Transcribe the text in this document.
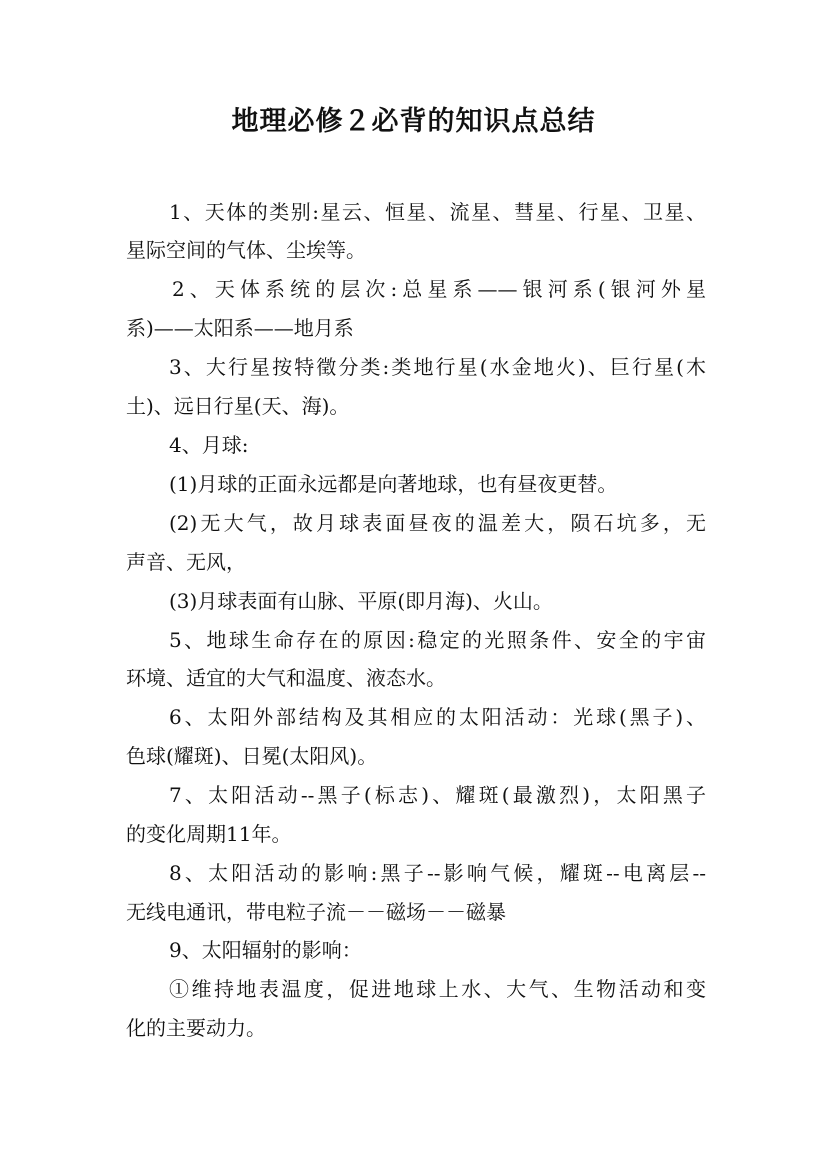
地理必修２必背的知识点总结

1、天体的类别:星云、恒星、流星、彗星、行星、卫星、

星际空间的气体、尘埃等。

2、天体系统的层次:总星系——银河系(银河外星

系)——太阳系——地月系

3、大行星按特徵分类:类地行星(水金地火)、巨行星(木

土)、远日行星(天、海)。

4、月球:

(1)月球的正面永远都是向著地球，也有昼夜更替。

(2)无大气，故月球表面昼夜的温差大，陨石坑多，无

声音、无风，

(3)月球表面有山脉、平原(即月海)、火山。

5、地球生命存在的原因:稳定的光照条件、安全的宇宙

环境、适宜的大气和温度、液态水。

6、太阳外部结构及其相应的太阳活动：光球(黑子)、

色球(耀斑)、日冕(太阳风)。

7、太阳活动--黑子(标志)、耀斑(最激烈)，太阳黑子

的变化周期11年。

8、太阳活动的影响:黑子--影响气候，耀斑--电离层--

无线电通讯，带电粒子流－－磁场－－磁暴

9、太阳辐射的影响：

①维持地表温度，促进地球上水、大气、生物活动和变

化的主要动力。
